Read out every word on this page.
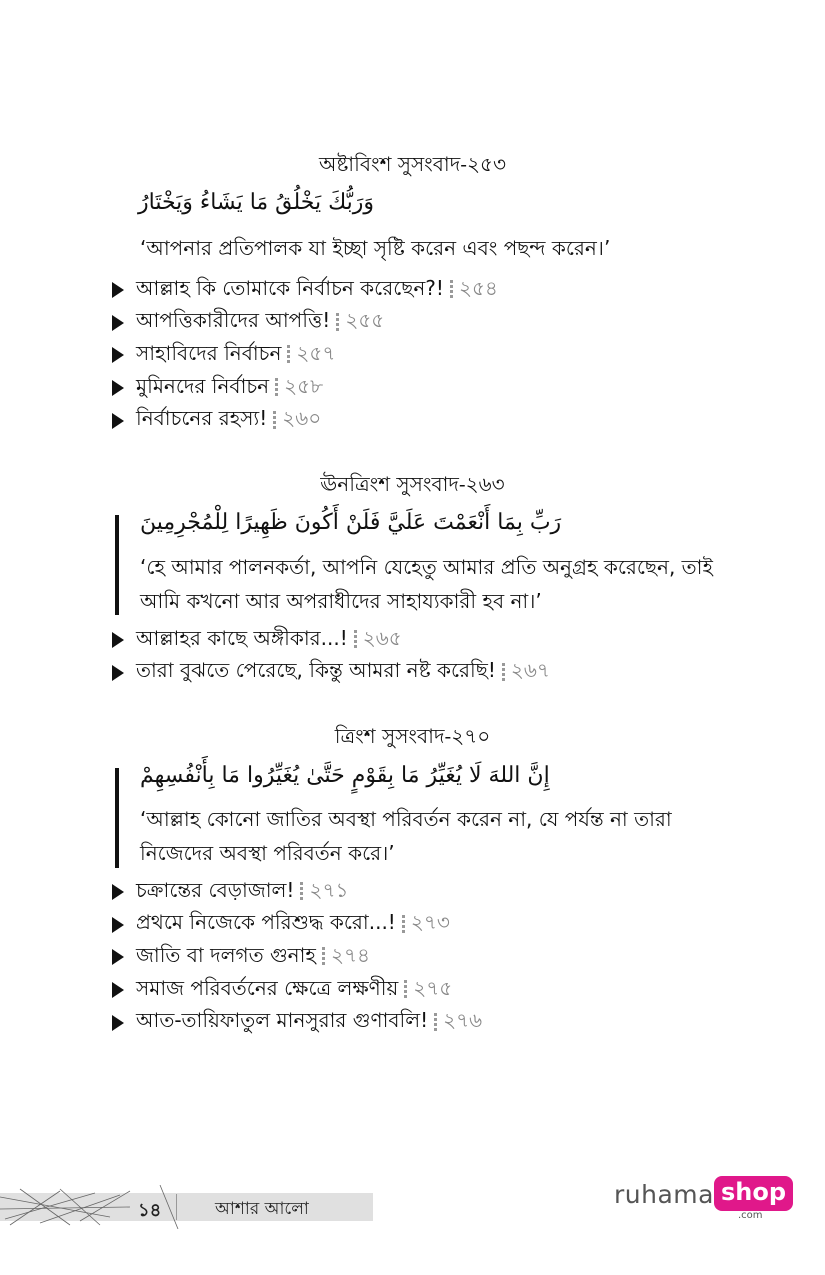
অষ্টাবিংশ সুসংবাদ-২৫৩
وَرَبُّكَ يَخْلُقُ مَا يَشَاءُ وَيَخْتَارُ
‘আপনার প্রতিপালক যা ইচ্ছা সৃষ্টি করেন এবং পছন্দ করেন।’
আল্লাহ কি তোমাকে নির্বাচন করেছেন?! ২৫৪
আপত্তিকারীদের আপত্তি! ২৫৫
সাহাবিদের নির্বাচন ২৫৭
মুমিনদের নির্বাচন ২৫৮
নির্বাচনের রহস্য! ২৬০
ঊনত্রিংশ সুসংবাদ-২৬৩
رَبِّ بِمَا أَنْعَمْتَ عَلَيَّ فَلَنْ أَكُونَ ظَهِيرًا لِلْمُجْرِمِينَ
‘হে আমার পালনকর্তা, আপনি যেহেতু আমার প্রতি অনুগ্রহ করেছেন, তাই
আমি কখনো আর অপরাধীদের সাহায্যকারী হব না।’
আল্লাহর কাছে অঙ্গীকার...! ২৬৫
তারা বুঝতে পেরেছে, কিন্তু আমরা নষ্ট করেছি! ২৬৭
ত্রিংশ সুসংবাদ-২৭০
إِنَّ اللهَ لَا يُغَيِّرُ مَا بِقَوْمٍ حَتَّىٰ يُغَيِّرُوا مَا بِأَنْفُسِهِمْ
‘আল্লাহ কোনো জাতির অবস্থা পরিবর্তন করেন না, যে পর্যন্ত না তারা
নিজেদের অবস্থা পরিবর্তন করে।’
চক্রান্তের বেড়াজাল! ২৭১
প্রথমে নিজেকে পরিশুদ্ধ করো...! ২৭৩
জাতি বা দলগত গুনাহ ২৭৪
সমাজ পরিবর্তনের ক্ষেত্রে লক্ষণীয় ২৭৫
আত-তায়িফাতুল মানসুরার গুণাবলি! ২৭৬
১৪	আশার আলো	ruhama shop
.com
